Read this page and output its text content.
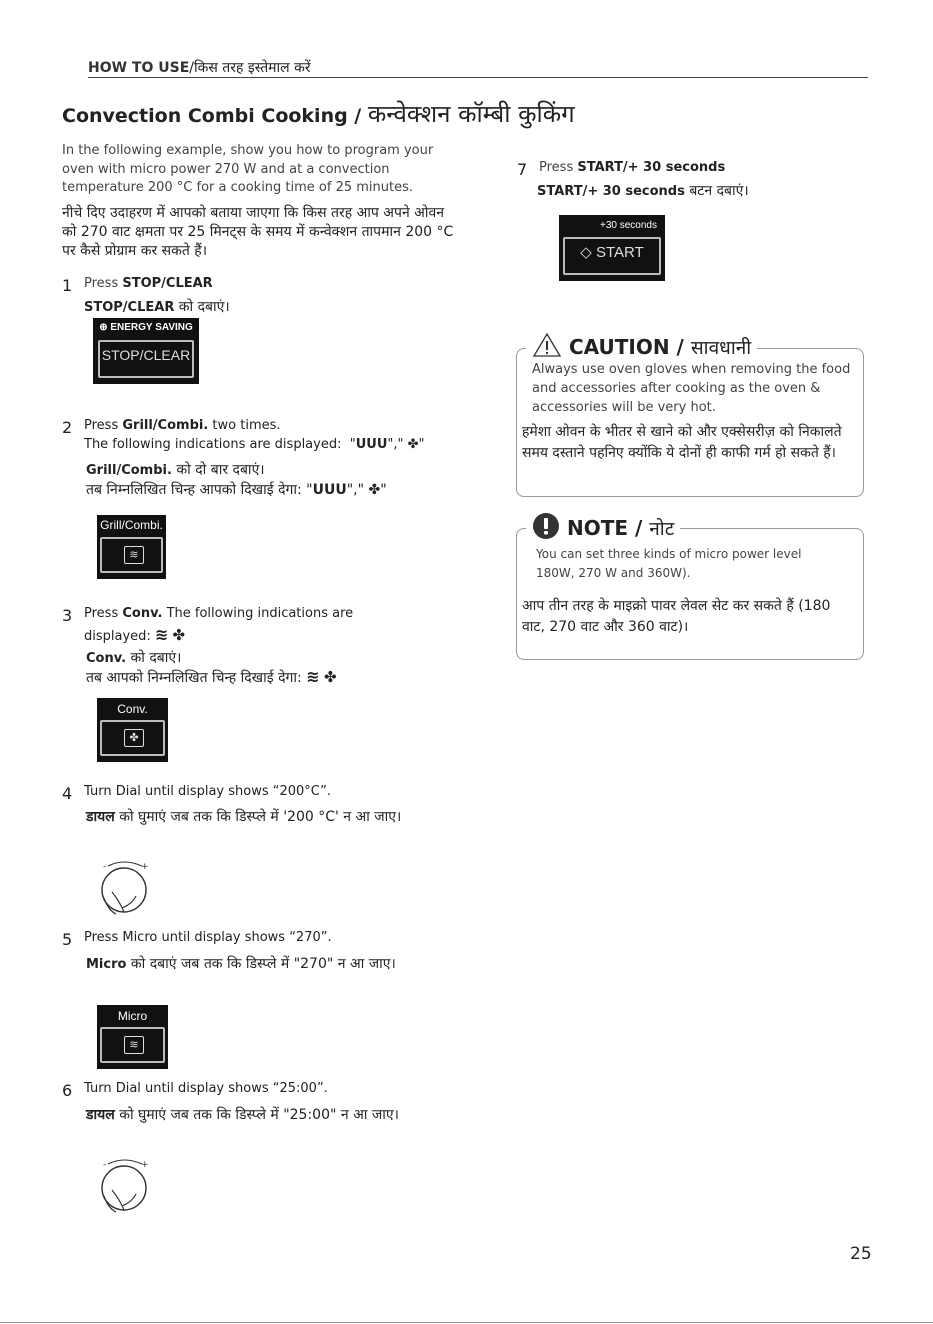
HOW TO USE/किस तरह इस्तेमाल करें
Convection Combi Cooking / कन्वेक्शन कॉम्बी कुकिंग
In the following example, show you how to program your oven with micro power 270 W and at a convection temperature 200 °C for a cooking time of 25 minutes.
नीचे दिए उदाहरण में आपको बताया जाएगा कि किस तरह आप अपने ओवन को 270 वाट क्षमता पर 25 मिनट्स के समय में कन्वेक्शन तापमान 200 °C पर कैसे प्रोग्राम कर सकते हैं।
1 Press STOP/CLEAR
STOP/CLEAR को दबाएं।
⊕ ENERGY SAVING
STOP/CLEAR
2 Press Grill/Combi. two times.
The following indications are displayed:  "ᑌᑌᑌ"," ✤"
Grill/Combi. को दो बार दबाएं।
तब निम्नलिखित चिन्ह आपको दिखाई देगा: "ᑌᑌᑌ"," ✤"
Grill/Combi.
≋
3 Press Conv. The following indications are
displayed: ≋ ✤
Conv. को दबाएं।
तब आपको निम्नलिखित चिन्ह दिखाई देगा: ≋ ✤
Conv.
✤
4 Turn Dial until display shows “200°C”.
डायल को घुमाएं जब तक कि डिस्प्ले में '200 °C' न आ जाए।
-	+
5 Press Micro until display shows “270”.
Micro को दबाएं जब तक कि डिस्प्ले में "270" न आ जाए।
Micro
≋
6 Turn Dial until display shows “25:00”.
डायल को घुमाएं जब तक कि डिस्प्ले में "25:00" न आ जाए।
-	+
7 Press START/+ 30 seconds
START/+ 30 seconds बटन दबाएं।
+30 seconds
◇ START
CAUTION / सावधानी
Always use oven gloves when removing the food and accessories after cooking as the oven & accessories will be very hot.
हमेशा ओवन के भीतर से खाने को और एक्सेसरीज़ को निकालते समय दस्ताने पहनिए क्योंकि ये दोनों ही काफी गर्म हो सकते हैं।
NOTE / नोट
You can set three kinds of micro power level 180W, 270 W and 360W).
आप तीन तरह के माइक्रो पावर लेवल सेट कर सकते हैं (180 वाट, 270 वाट और 360 वाट)।
25
